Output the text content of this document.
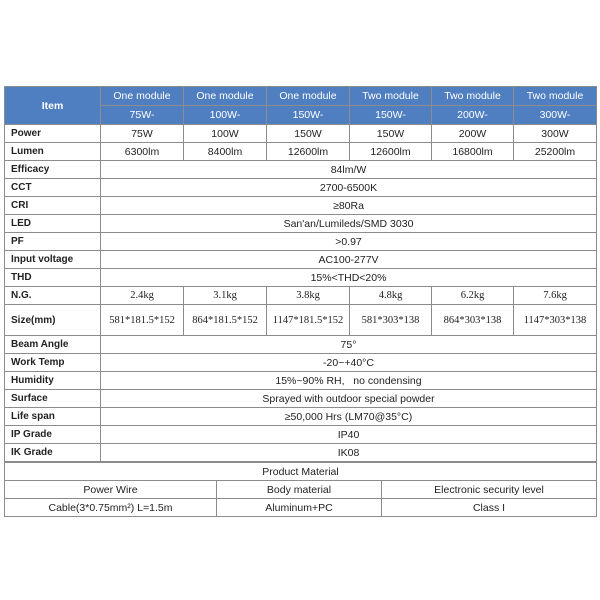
Item	One module	One module	One module	Two module	Two module	Two module
	75W-	100W-	150W-	150W-	200W-	300W-
Power	75W	100W	150W	150W	200W	300W
Lumen	6300lm	8400lm	12600lm	12600lm	16800lm	25200lm
Efficacy	84lm/W					
CCT	2700-6500K					
CRI	≥80Ra					
LED	San'an/Lumileds/SMD 3030					
PF	>0.97					
Input voltage	AC100-277V					
THD	15%<THD<20%					
N.G.	2.4kg	3.1kg	3.8kg	4.8kg	6.2kg	7.6kg
Size(mm)	581*181.5*152	864*181.5*152	1147*181.5*152	581*303*138	864*303*138	1147*303*138
Beam Angle	75°					
Work Temp	-20~+40°C					
Humidity	15%~90% RH,   no condensing					
Surface	Sprayed with outdoor special powder					
Life span	≥50,000 Hrs (LM70@35°C)					
IP Grade	IP40					
IK Grade	IK08					
Product Material		
Power Wire	Body material	Electronic security level
Cable(3*0.75mm²) L=1.5m	Aluminum+PC	Class I
